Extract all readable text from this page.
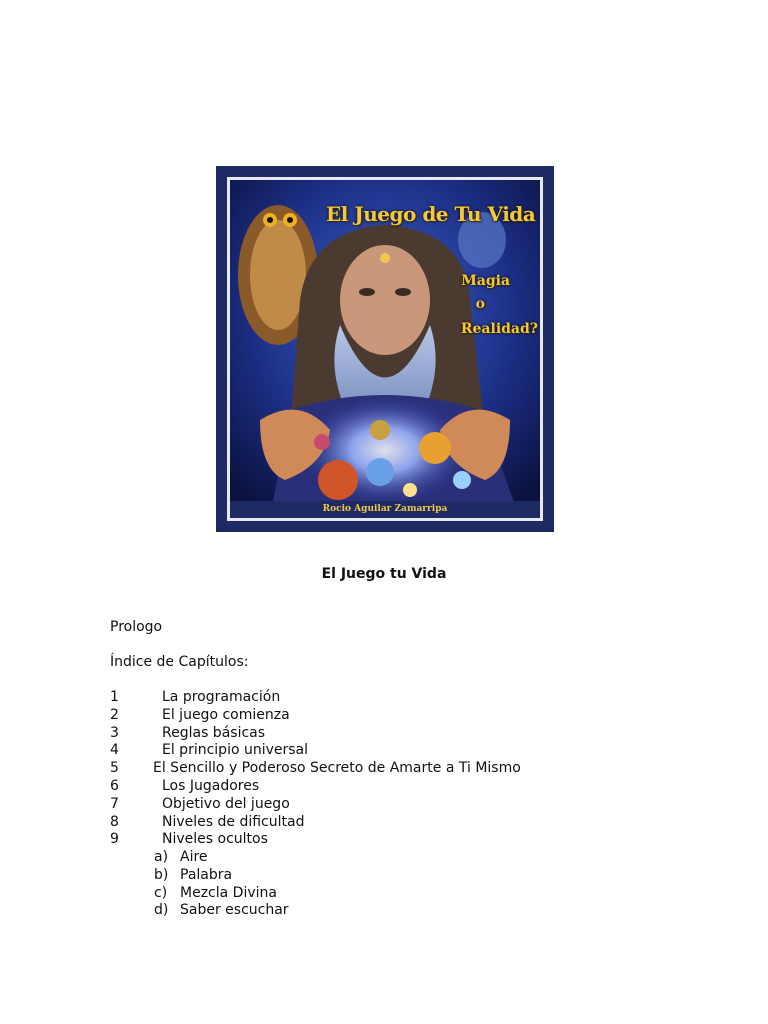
El Juego de Tu Vida
Magia
o
Realidad?
Rocio Aguilar Zamarripa
El Juego tu Vida
Prologo
Índice de Capítulos:
1	La programación
2	El juego comienza
3	Reglas básicas
4	El principio universal
5 El Sencillo y Poderoso Secreto de Amarte a Ti Mismo
6	Los Jugadores
7	Objetivo del juego
8	Niveles de dificultad
9	Niveles ocultos
a) Aire
b) Palabra
c) Mezcla Divina
d) Saber escuchar
